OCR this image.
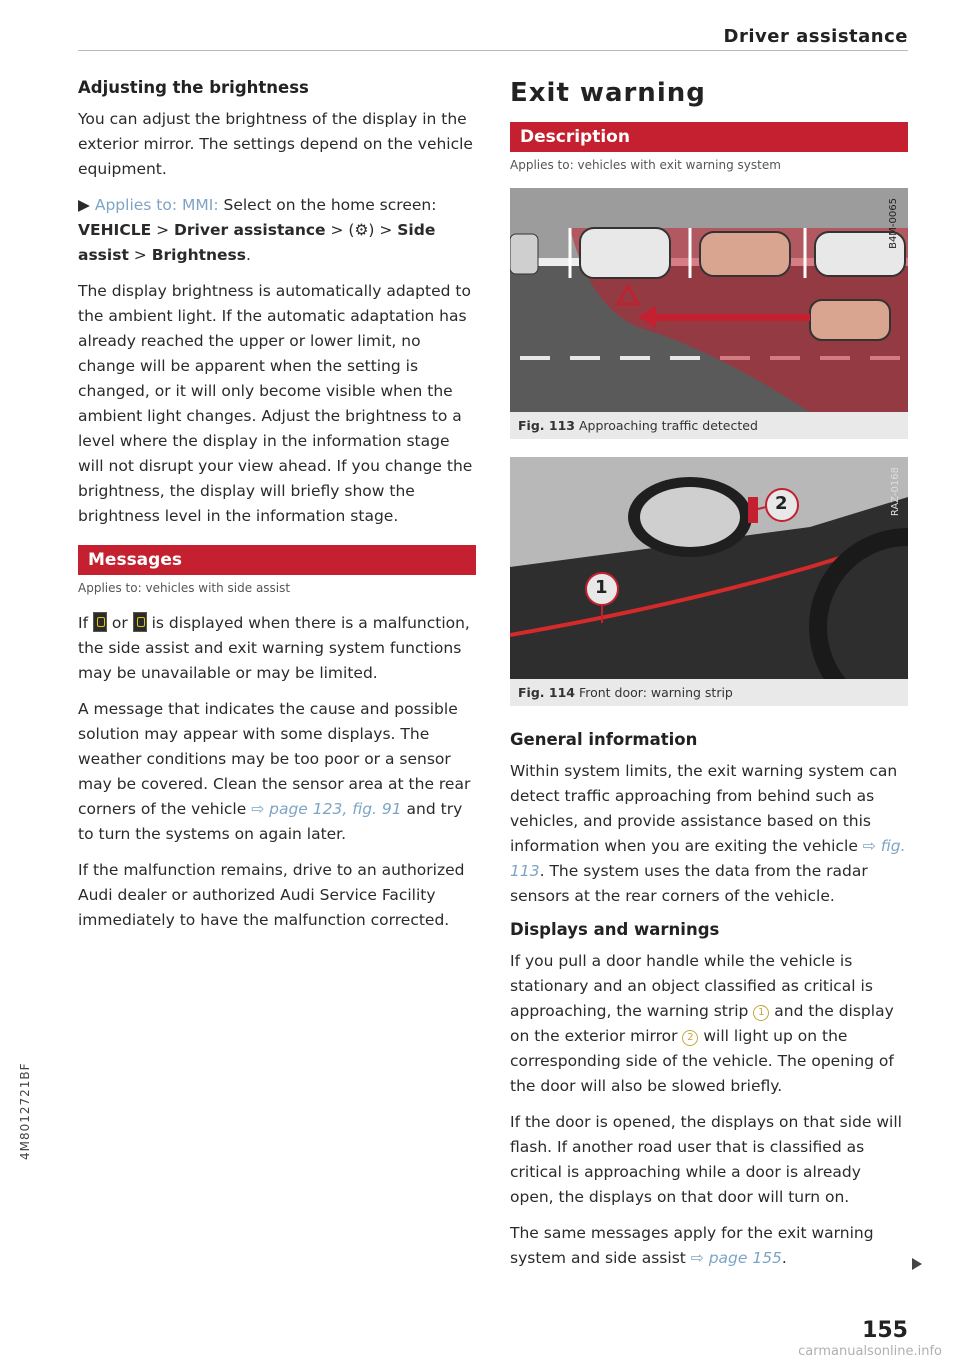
Driver assistance
Adjusting the brightness

You can adjust the brightness of the display in the exterior mirror. The settings depend on the vehicle equipment.

▶ Applies to: MMI: Select on the home screen: VEHICLE > Driver assistance > (⚙) > Side assist > Brightness.

The display brightness is automatically adapted to the ambient light. If the automatic adaptation has already reached the upper or lower limit, no change will be apparent when the setting is changed, or it will only become visible when the ambient light changes. Adjust the brightness to a level where the display in the information stage will not disrupt your view ahead. If you change the brightness, the display will briefly show the brightness level in the information stage.

Messages
Applies to: vehicles with side assist

If  or  is displayed when there is a malfunction, the side assist and exit warning system functions may be unavailable or may be limited.

A message that indicates the cause and possible solution may appear with some displays. The weather conditions may be too poor or a sensor may be covered. Clean the sensor area at the rear corners of the vehicle ⇨ page 123, fig. 91 and try to turn the systems on again later.

If the malfunction remains, drive to an authorized Audi dealer or authorized Audi Service Facility immediately to have the malfunction corrected.

Exit warning
Description
Applies to: vehicles with exit warning system
B4M-0065
Fig. 113 Approaching traffic detected
2
1
RAZ-0168
Fig. 114 Front door: warning strip
General information

Within system limits, the exit warning system can detect traffic approaching from behind such as vehicles, and provide assistance based on this information when you are exiting the vehicle ⇨ fig. 113. The system uses the data from the radar sensors at the rear corners of the vehicle.

Displays and warnings

If you pull a door handle while the vehicle is stationary and an object classified as critical is approaching, the warning strip 1 and the display on the exterior mirror 2 will light up on the corresponding side of the vehicle. The opening of the door will also be slowed briefly.

If the door is opened, the displays on that side will flash. If another road user that is classified as critical is approaching while a door is already open, the displays on that door will turn on.

The same messages apply for the exit warning system and side assist ⇨ page 155.

4M8012721BF
155
carmanualsonline.info
